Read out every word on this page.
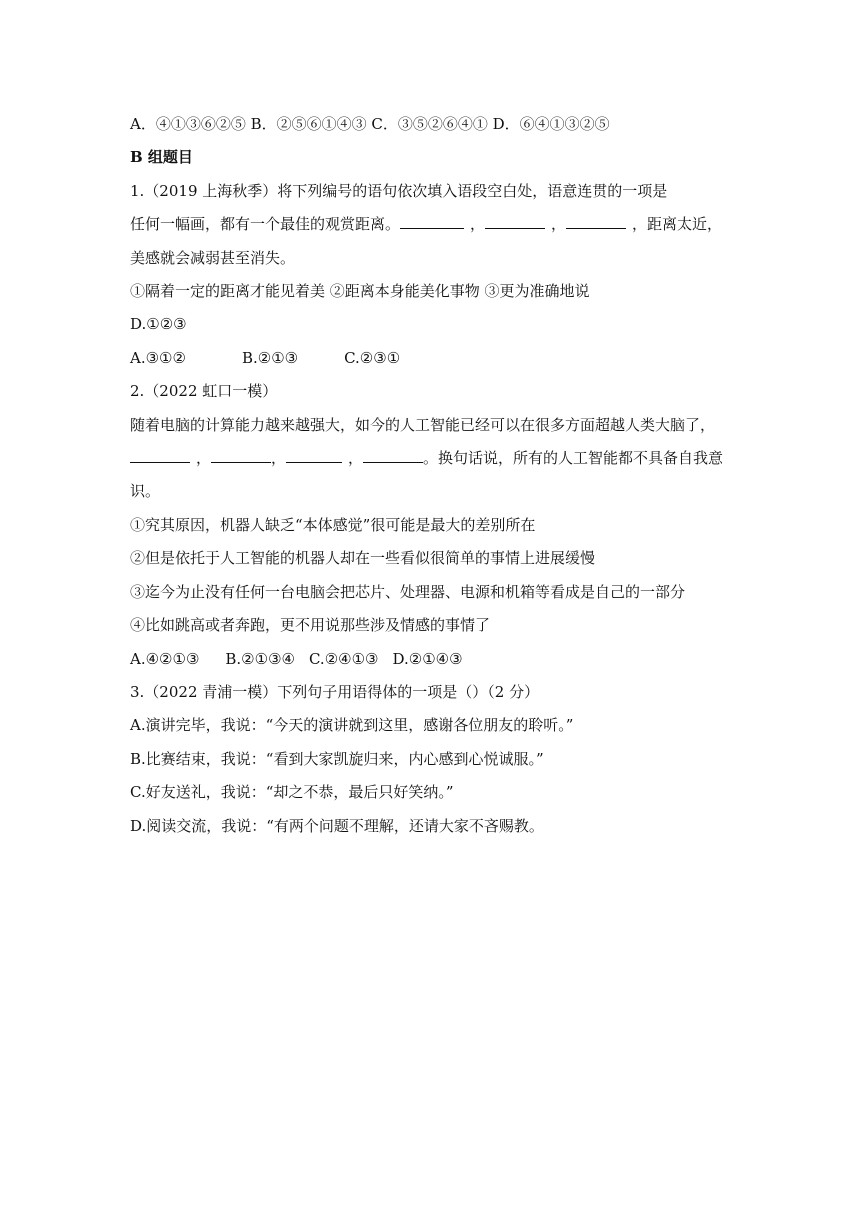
A．④①③⑥②⑤ B．②⑤⑥①④③ C．③⑤②⑥④① D．⑥④①③②⑤
B 组题目
1.（2019 上海秋季）将下列编号的语句依次填入语段空白处，语意连贯的一项是
任何一幅画，都有一个最佳的观赏距离。	，	，	，距离太近，
美感就会减弱甚至消失。
①隔着一定的距离才能见着美 ②距离本身能美化事物 ③更为准确地说
D.①②③
A.③①②	B.②①③	C.②③①
2.（2022 虹口一模）
随着电脑的计算能力越来越强大，如今的人工智能已经可以在很多方面超越人类大脑了，
，	，	，	。换句话说，所有的人工智能都不具备自我意
识。
①究其原因，机器人缺乏“本体感觉”很可能是最大的差别所在
②但是依托于人工智能的机器人却在一些看似很简单的事情上进展缓慢
③迄今为止没有任何一台电脑会把芯片、处理器、电源和机箱等看成是自己的一部分
④比如跳高或者奔跑，更不用说那些涉及情感的事情了
A.④②①③ B.②①③④ C.②④①③ D.②①④③
3.（2022 青浦一模）下列句子用语得体的一项是（）（2 分）
A.演讲完毕，我说：“今天的演讲就到这里，感谢各位朋友的聆听。”
B.比赛结束，我说：“看到大家凯旋归来，内心感到心悦诚服。”
C.好友送礼，我说：“却之不恭，最后只好笑纳。”
D.阅读交流，我说：“有两个问题不理解，还请大家不吝赐教。
